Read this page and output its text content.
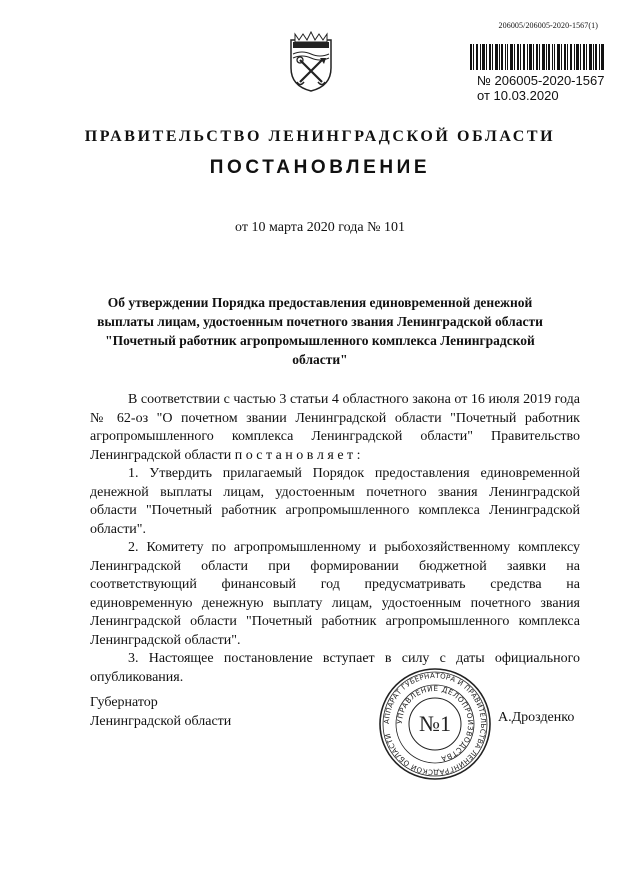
206005/206005-2020-1567(1)
№ 206005-2020-1567
от 10.03.2020
ПРАВИТЕЛЬСТВО ЛЕНИНГРАДСКОЙ ОБЛАСТИ
ПОСТАНОВЛЕНИЕ
от 10 марта 2020 года № 101
Об утверждении Порядка предоставления единовременной денежной выплаты лицам, удостоенным почетного звания Ленинградской области "Почетный работник агропромышленного комплекса Ленинградской области"

В соответствии с частью 3 статьи 4 областного закона от 16 июля 2019 года № 62-оз "О почетном звании Ленинградской области "Почетный работник агропромышленного комплекса Ленинградской области" Правительство Ленинградской области п о с т а н о в л я е т :

1. Утвердить прилагаемый Порядок предоставления единовременной денежной выплаты лицам, удостоенным почетного звания Ленинградской области "Почетный работник агропромышленного комплекса Ленинградской области".

2. Комитету по агропромышленному и рыбохозяйственному комплексу Ленинградской области при формировании бюджетной заявки на соответствующий финансовый год предусматривать средства на единовременную денежную выплату лицам, удостоенным почетного звания Ленинградской области "Почетный работник агропромышленного комплекса Ленинградской области".

3. Настоящее постановление вступает в силу с даты официального опубликования.

Губернатор
Ленинградской области	АППАРАТ ГУБЕРНАТОРА И ПРАВИТЕЛЬСТВА ЛЕНИНГРАДСКОЙ ОБЛАСТИ
УПРАВЛЕНИЕ ДЕЛОПРОИЗВОДСТВА
№1	А.Дрозденко
